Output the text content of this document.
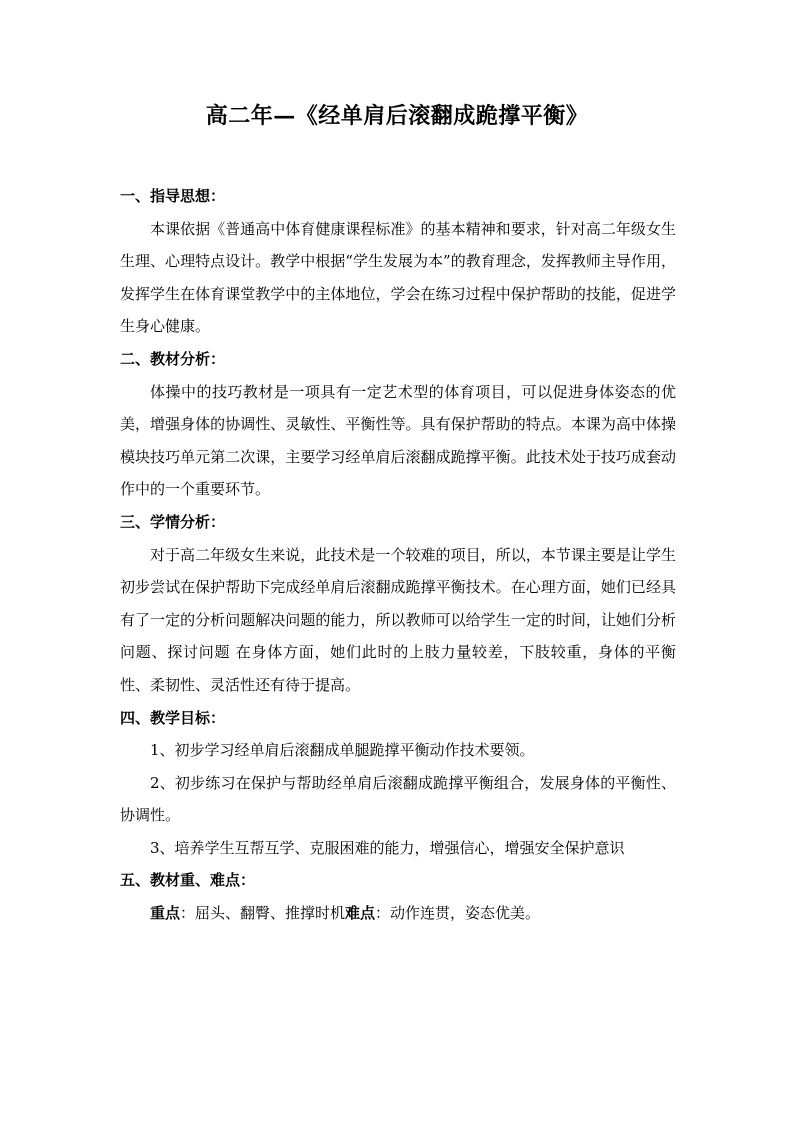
高二年—《经单肩后滚翻成跪撑平衡》

一、指导思想：

本课依据《普通高中体育健康课程标准》的基本精神和要求，针对高二年级女生生理、心理特点设计。教学中根据“学生发展为本”的教育理念，发挥教师主导作用，发挥学生在体育课堂教学中的主体地位，学会在练习过程中保护帮助的技能，促进学生身心健康。

二、教材分析：

体操中的技巧教材是一项具有一定艺术型的体育项目，可以促进身体姿态的优美，增强身体的协调性、灵敏性、平衡性等。具有保护帮助的特点。本课为高中体操模块技巧单元第二次课，主要学习经单肩后滚翻成跪撑平衡。此技术处于技巧成套动作中的一个重要环节。

三、学情分析：

对于高二年级女生来说，此技术是一个较难的项目，所以，本节课主要是让学生初步尝试在保护帮助下完成经单肩后滚翻成跪撑平衡技术。在心理方面，她们已经具有了一定的分析问题解决问题的能力，所以教师可以给学生一定的时间，让她们分析问题、探讨问题 在身体方面，她们此时的上肢力量较差，下肢较重，身体的平衡性、柔韧性、灵活性还有待于提高。

四、教学目标：

1、初步学习经单肩后滚翻成单腿跪撑平衡动作技术要领。

2、初步练习在保护与帮助经单肩后滚翻成跪撑平衡组合，发展身体的平衡性、协调性。

3、培养学生互帮互学、克服困难的能力，增强信心，增强安全保护意识

五、教材重、难点：

重点：屈头、翻臀、推撑时机难点：动作连贯，姿态优美。
